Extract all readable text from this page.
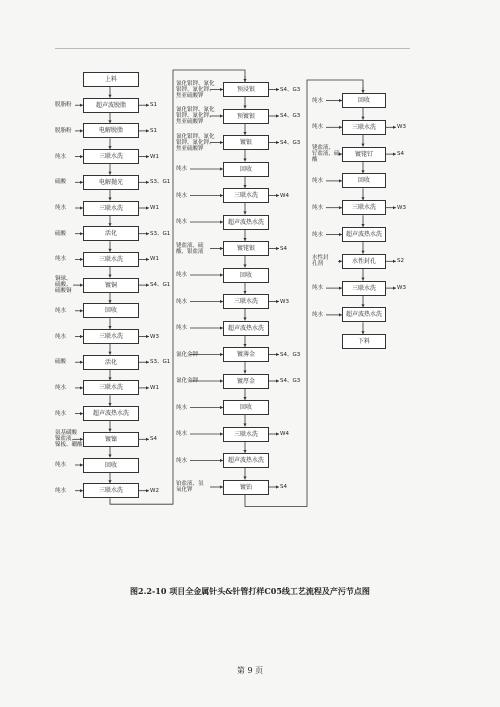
上料
超声波脱脂
脱脂粉	S1
电解脱脂
脱脂粉	S1
三联水洗
纯水	W1
电解抛光
硫酸	S3、G1
三联水洗
纯水	W1
活化
硫酸	S3、G1
三联水洗
纯水	W1
镀铜
铜球、
硫酸、
硫酸铜
S4、G1
回收
纯水
三联水洗
纯水	W3
活化
硫酸	S3、G1
三联水洗
纯水	W1
超声波热水洗
纯水
镀镍
氨基磺酸
镍盐液、
镍板、硼酸
S4
回收
纯水
三联水洗
纯水	W2
预浸银
氰化银钾、氰化
银钾、氰化钾、
焦亚硫酸钾
S4、G3
预镀银
氰化银钾、氰化
银钾、氰化钾、
焦亚硫酸钾
S4、G3
镀银
氰化银钾、氰化
银钾、氰化钾、
焦亚硫酸钾
S4、G3
回收
纯水
三联水洗
纯水	W4
超声波热水洗
纯水
镀铑银
铑盐液、硫
酸、银盐液	S4
回收
纯水
三联水洗
纯水	W3
超声波热水洗
纯水
镀薄金
氰化金钾	S4、G3
镀厚金
氰化金钾	S4、G3
回收
纯水
三联水洗
纯水	W4
超声波热水洗
纯水
镀铂
铂盐液、氢
氧化钾	S4
回收
纯水
三联水洗
纯水	W3
镀铑钌
铑盐液、
钌盐液、硫
酸
S4
回收
纯水
三联水洗
纯水	W3
超声波热水洗
纯水
水性封孔
水性封
孔剂	S2
三联水洗
纯水	W3
超声波热水洗
纯水
下料
图2.2-10 项目全金属针头&针管打样C05线工艺流程及产污节点图
第 9 页
